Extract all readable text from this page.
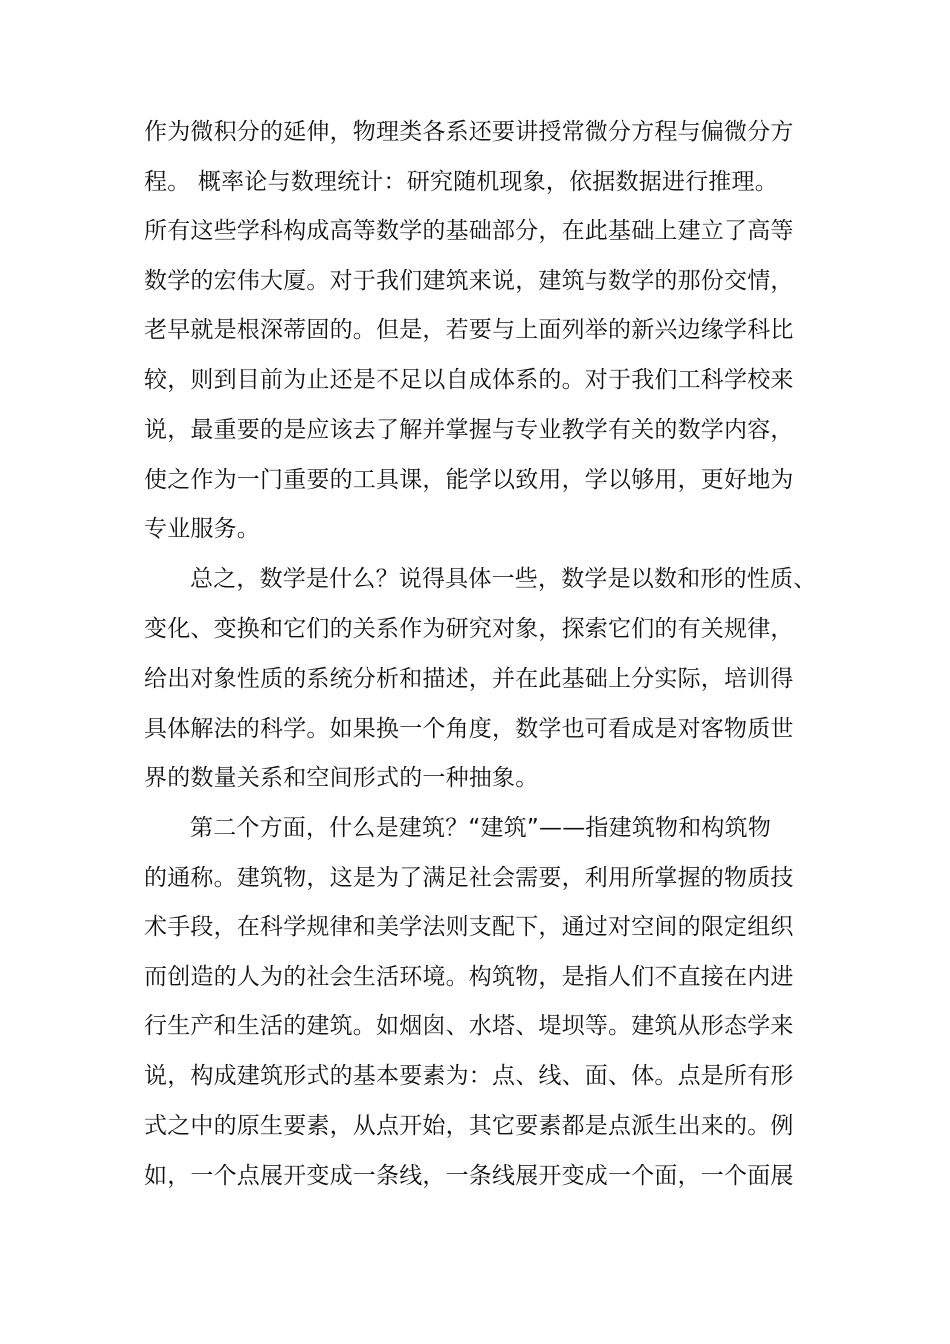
作为微积分的延伸，物理类各系还要讲授常微分方程与偏微分方

程。 概率论与数理统计：研究随机现象，依据数据进行推理。

所有这些学科构成高等数学的基础部分，在此基础上建立了高等

数学的宏伟大厦。对于我们建筑来说，建筑与数学的那份交情，

老早就是根深蒂固的。但是，若要与上面列举的新兴边缘学科比

较，则到目前为止还是不足以自成体系的。对于我们工科学校来

说，最重要的是应该去了解并掌握与专业教学有关的数学内容，

使之作为一门重要的工具课，能学以致用，学以够用，更好地为

专业服务。

总之，数学是什么？说得具体一些，数学是以数和形的性质、

变化、变换和它们的关系作为研究对象，探索它们的有关规律，

给出对象性质的系统分析和描述，并在此基础上分实际，培训得

具体解法的科学。如果换一个角度，数学也可看成是对客物质世

界的数量关系和空间形式的一种抽象。

第二个方面，什么是建筑？“建筑”——指建筑物和构筑物

的通称。建筑物，这是为了满足社会需要，利用所掌握的物质技

术手段，在科学规律和美学法则支配下，通过对空间的限定组织

而创造的人为的社会生活环境。构筑物，是指人们不直接在内进

行生产和生活的建筑。如烟囱、水塔、堤坝等。建筑从形态学来

说，构成建筑形式的基本要素为：点、线、面、体。点是所有形

式之中的原生要素，从点开始，其它要素都是点派生出来的。例

如，一个点展开变成一条线，一条线展开变成一个面，一个面展
